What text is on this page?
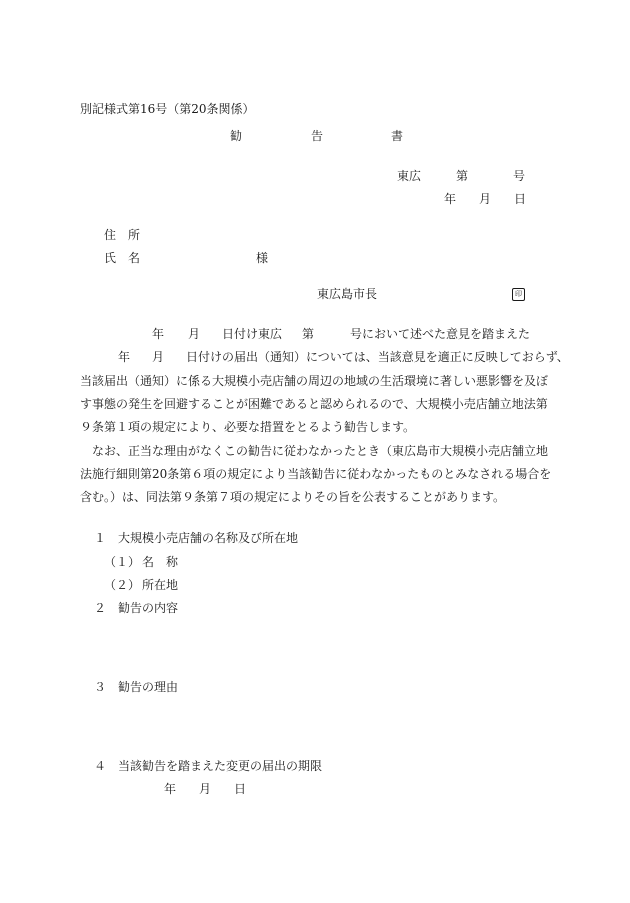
別記様式第16号（第20条関係）
勧	告	書
東広	第	号
年 月 日
住　所
氏　名	様
東広島市長	印
年 月 日付け東広 第	号において述べた意見を踏まえた
年 月 日付けの届出（通知）については、当該意見を適正に反映しておらず、
当該届出（通知）に係る大規模小売店舗の周辺の地域の生活環境に著しい悪影響を及ぼ
す事態の発生を回避することが困難であると認められるので、大規模小売店舗立地法第
９条第１項の規定により、必要な措置をとるよう勧告します。
なお、正当な理由がなくこの勧告に従わなかったとき（東広島市大規模小売店舗立地
法施行細則第20条第６項の規定により当該勧告に従わなかったものとみなされる場合を
含む。）は、同法第９条第７項の規定によりその旨を公表することがあります。
１ 大規模小売店舗の名称及び所在地
（１） 名　称
（２） 所在地
２ 勧告の内容
３ 勧告の理由
４ 当該勧告を踏まえた変更の届出の期限
年 月 日
